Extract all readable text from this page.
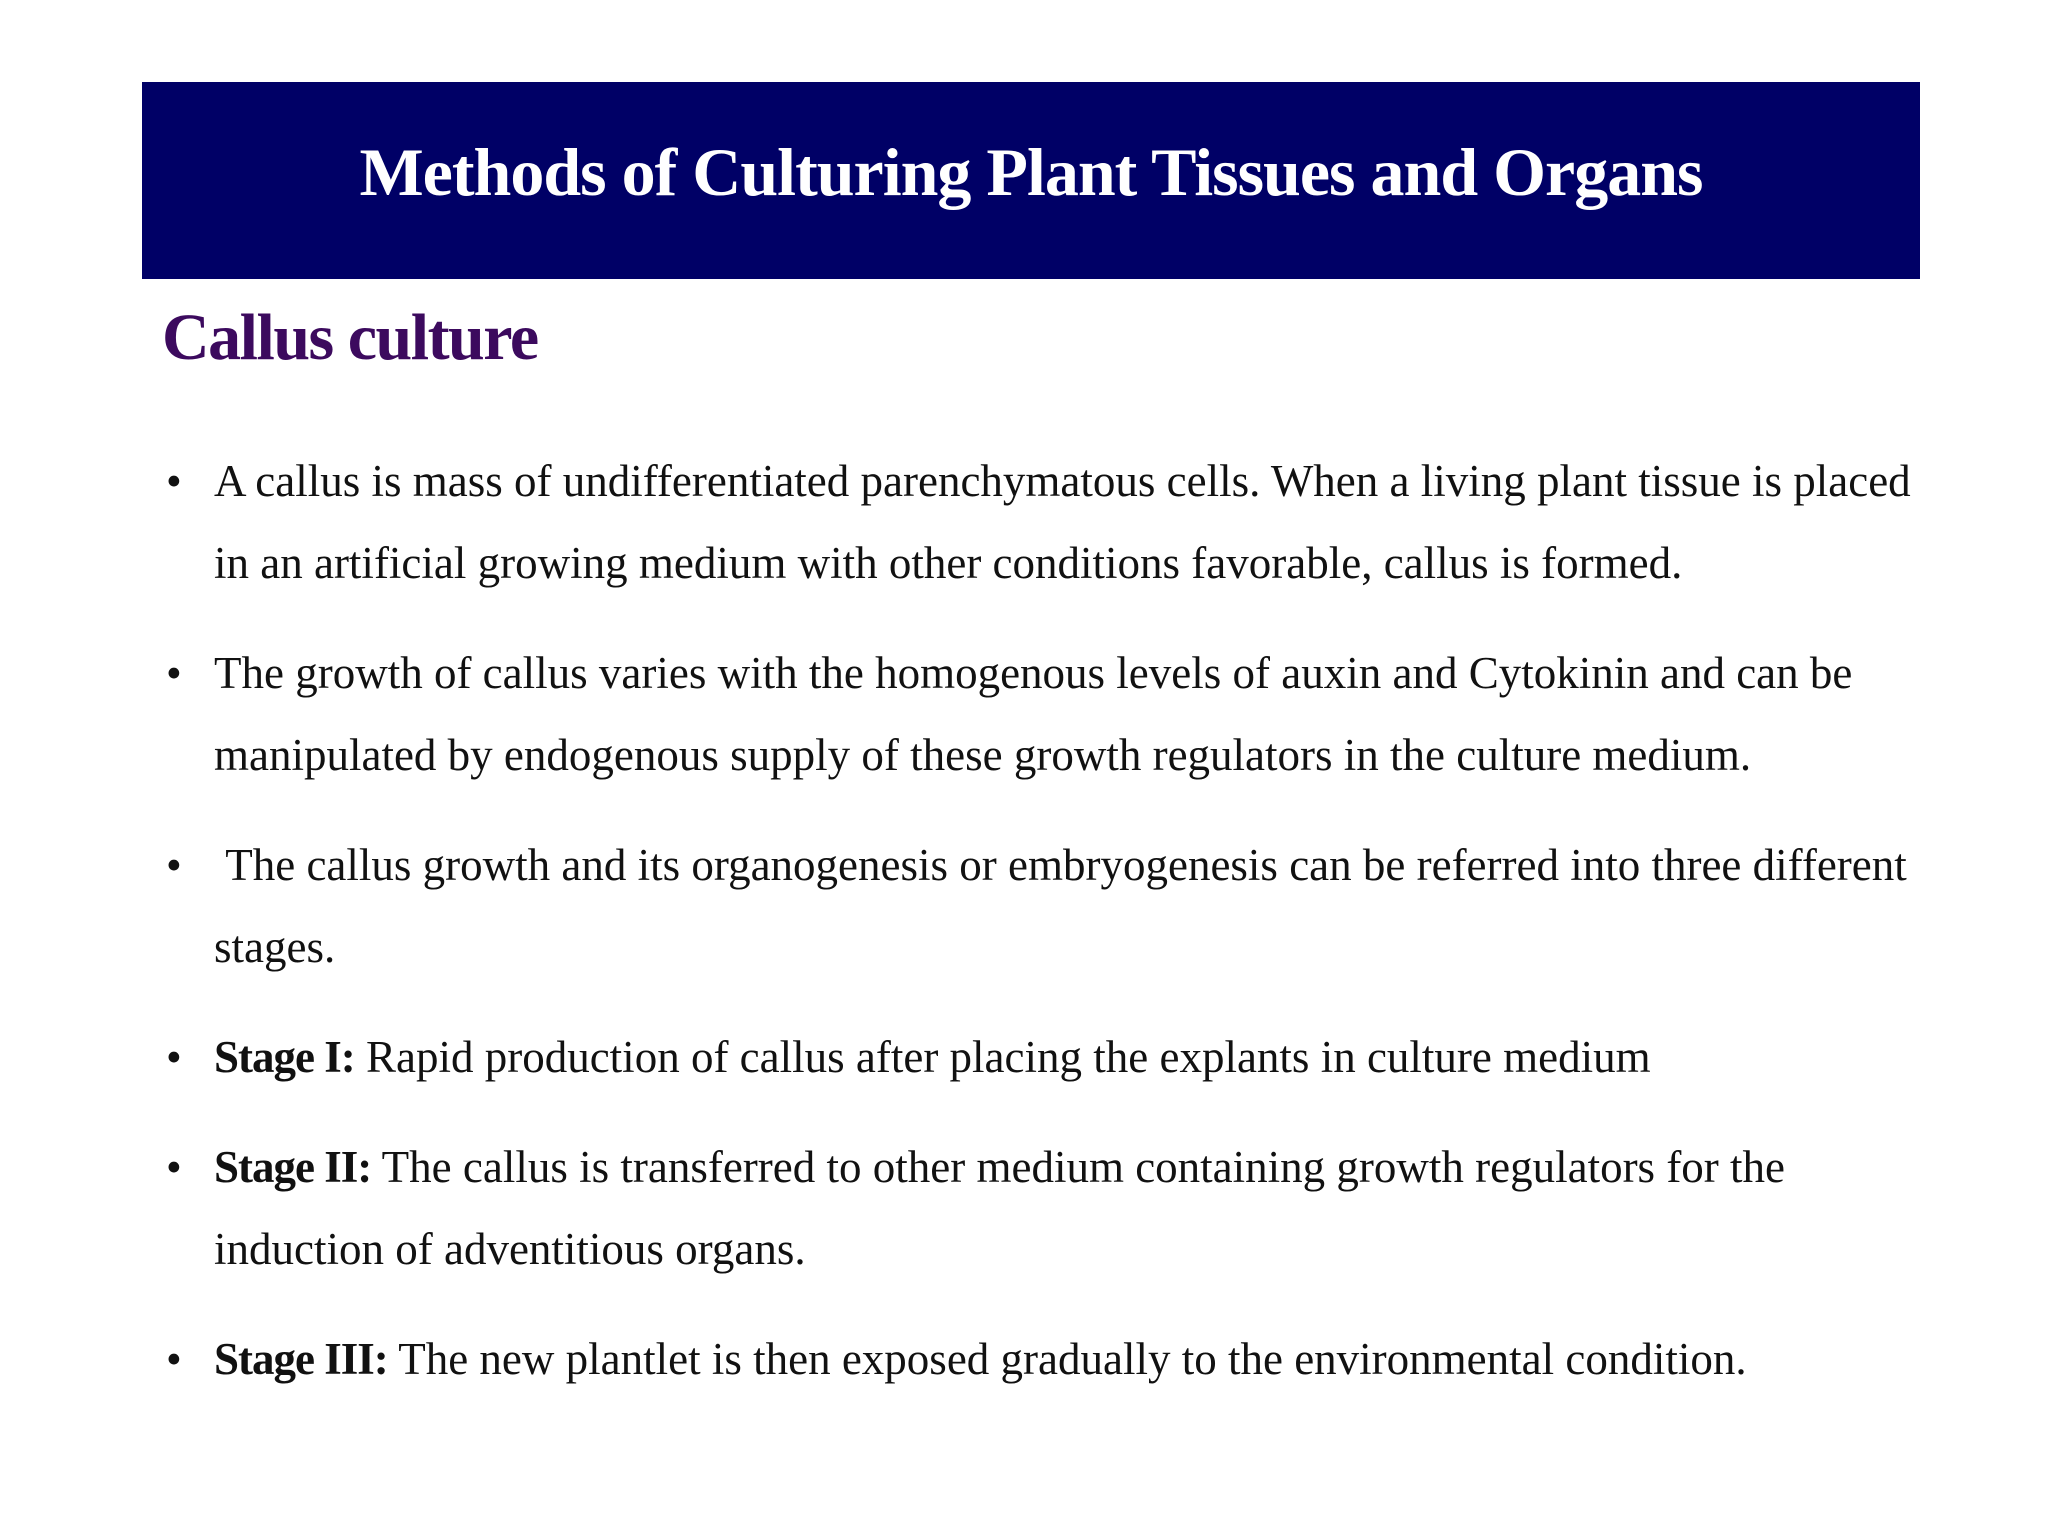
Methods of Culturing Plant Tissues and Organs
Callus culture
• A callus is mass of undifferentiated parenchymatous cells. When a living plant tissue is placed in an artificial growing medium with other conditions favorable, callus is formed.
• The growth of callus varies with the homogenous levels of auxin and Cytokinin and can be manipulated by endogenous supply of these growth regulators in the culture medium.
• The callus growth and its organogenesis or embryogenesis can be referred into three different stages.
• Stage I: Rapid production of callus after placing the explants in culture medium
• Stage II: The callus is transferred to other medium containing growth regulators for the induction of adventitious organs.
• Stage III: The new plantlet is then exposed gradually to the environmental condition.
